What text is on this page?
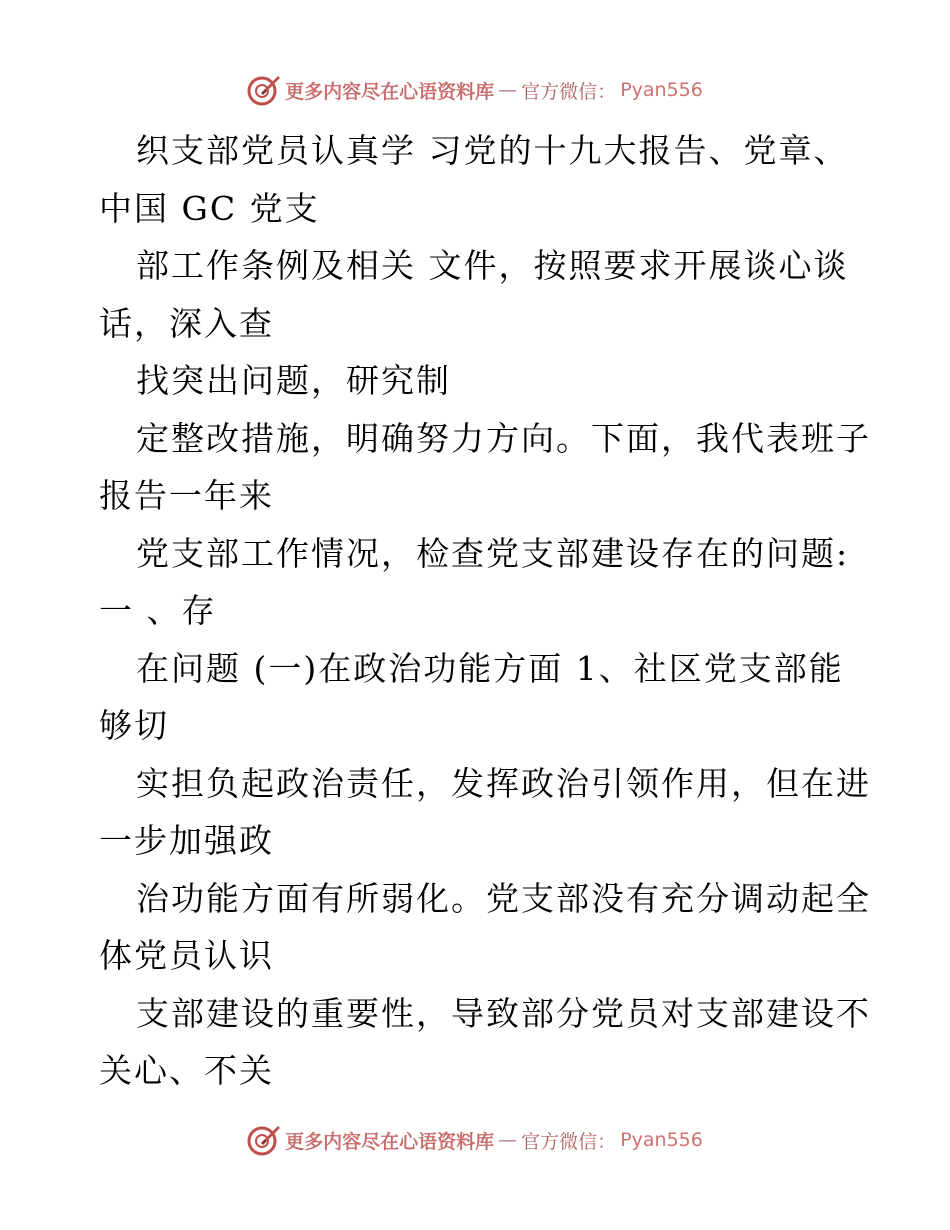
更多内容尽在心语资料库 — 官方微信： Pyan556
织支部党员认真学 习党的十九大报告、党章、
中国 GC 党支
部工作条例及相关 文件，按照要求开展谈心谈
话，深入查
找突出问题，研究制
定整改措施，明确努力方向。下面，我代表班子
报告一年来
党支部工作情况，检查党支部建设存在的问题:
一 、存
在问题 (一)在政治功能方面 1、社区党支部能
够切
实担负起政治责任，发挥政治引领作用，但在进
一步加强政
治功能方面有所弱化。党支部没有充分调动起全
体党员认识
支部建设的重要性，导致部分党员对支部建设不
关心、不关
更多内容尽在心语资料库 — 官方微信： Pyan556
